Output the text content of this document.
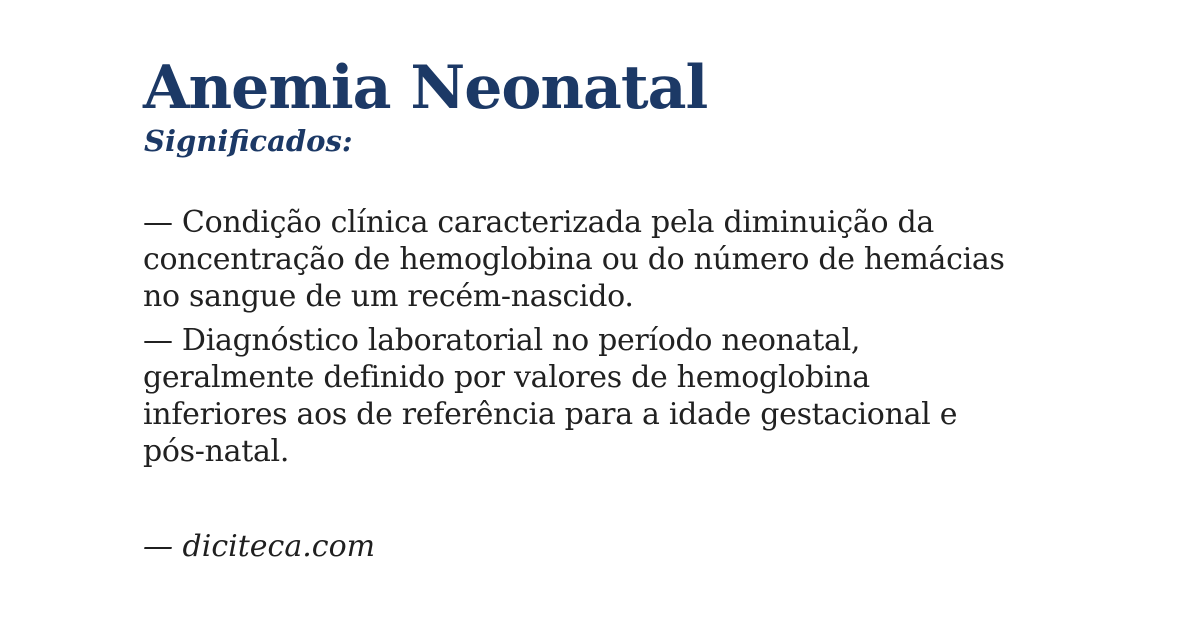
Anemia Neonatal
Significados:
— Condição clínica caracterizada pela diminuição da
concentração de hemoglobina ou do número de hemácias
no sangue de um recém-nascido.
— Diagnóstico laboratorial no período neonatal,
geralmente definido por valores de hemoglobina
inferiores aos de referência para a idade gestacional e
pós-natal.
— diciteca.com
